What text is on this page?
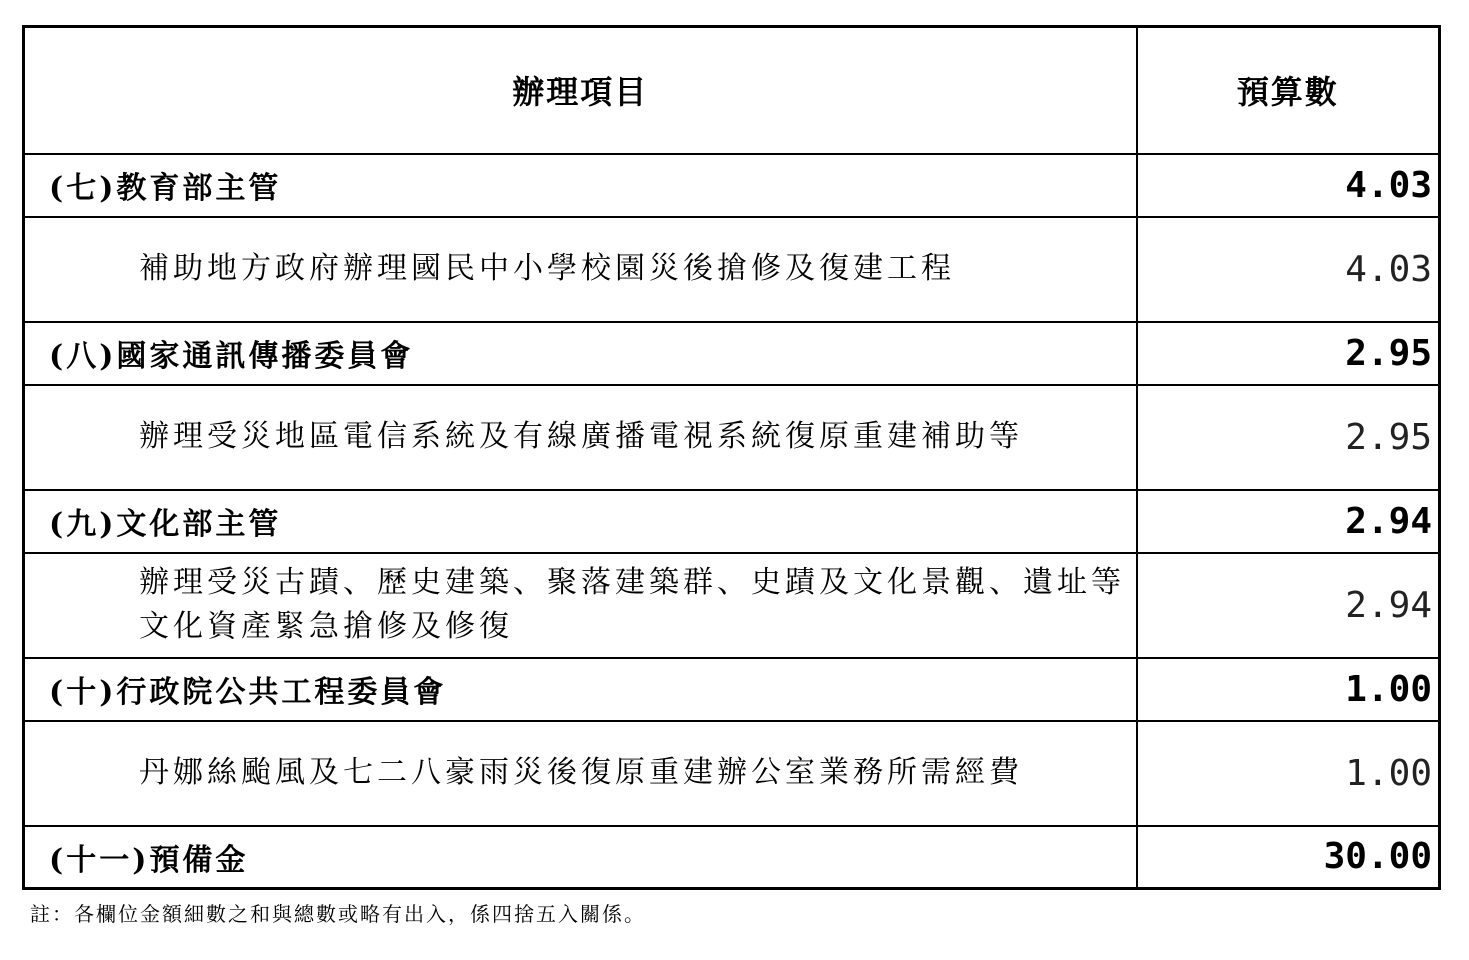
辦理項目	預算數
(七)教育部主管	4.03
補助地方政府辦理國民中小學校園災後搶修及復建工程	4.03
(八)國家通訊傳播委員會	2.95
辦理受災地區電信系統及有線廣播電視系統復原重建補助等	2.95
(九)文化部主管	2.94
辦理受災古蹟、歷史建築、聚落建築群、史蹟及文化景觀、遺址等文化資產緊急搶修及修復	2.94
(十)行政院公共工程委員會	1.00
丹娜絲颱風及七二八豪雨災後復原重建辦公室業務所需經費	1.00
(十一)預備金	30.00
註：各欄位金額細數之和與總數或略有出入，係四捨五入關係。
